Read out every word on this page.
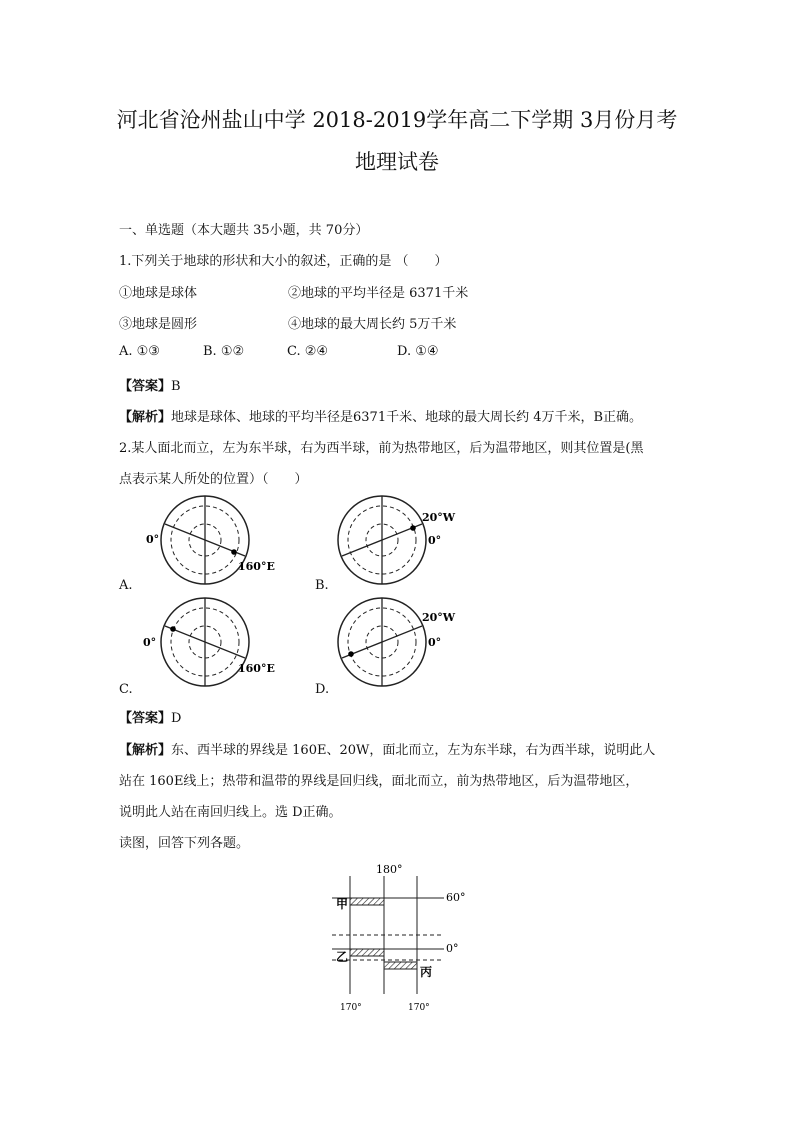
河北省沧州盐山中学 2018-2019学年高二下学期 3月份月考
地理试卷
一、单选题（本大题共 35小题，共 70分）
1.下列关于地球的形状和大小的叙述，正确的是 （　　）
①地球是球体	②地球的平均半径是 6371千米
③地球是圆形	④地球的最大周长约 5万千米
A. ①③	B. ①②	C. ②④	D. ①④
【答案】B
【解析】地球是球体、地球的平均半径是6371千米、地球的最大周长约 4万千米，B正确。
2.某人面北而立，左为东半球，右为西半球，前为热带地区，后为温带地区，则其位置是(黑
点表示某人所处的位置）（　　）
0°
160°E
A.
20°W
0°
B.
0°
160°E
C.
20°W
0°
D.
【答案】D
【解析】东、西半球的界线是 160E、20W，面北而立，左为东半球，右为西半球，说明此人
站在 160E线上；热带和温带的界线是回归线，面北而立，前为热带地区，后为温带地区，
说明此人站在南回归线上。选 D正确。
读图，回答下列各题。
180°
甲
乙
丙
60°
0°
170°	170°
